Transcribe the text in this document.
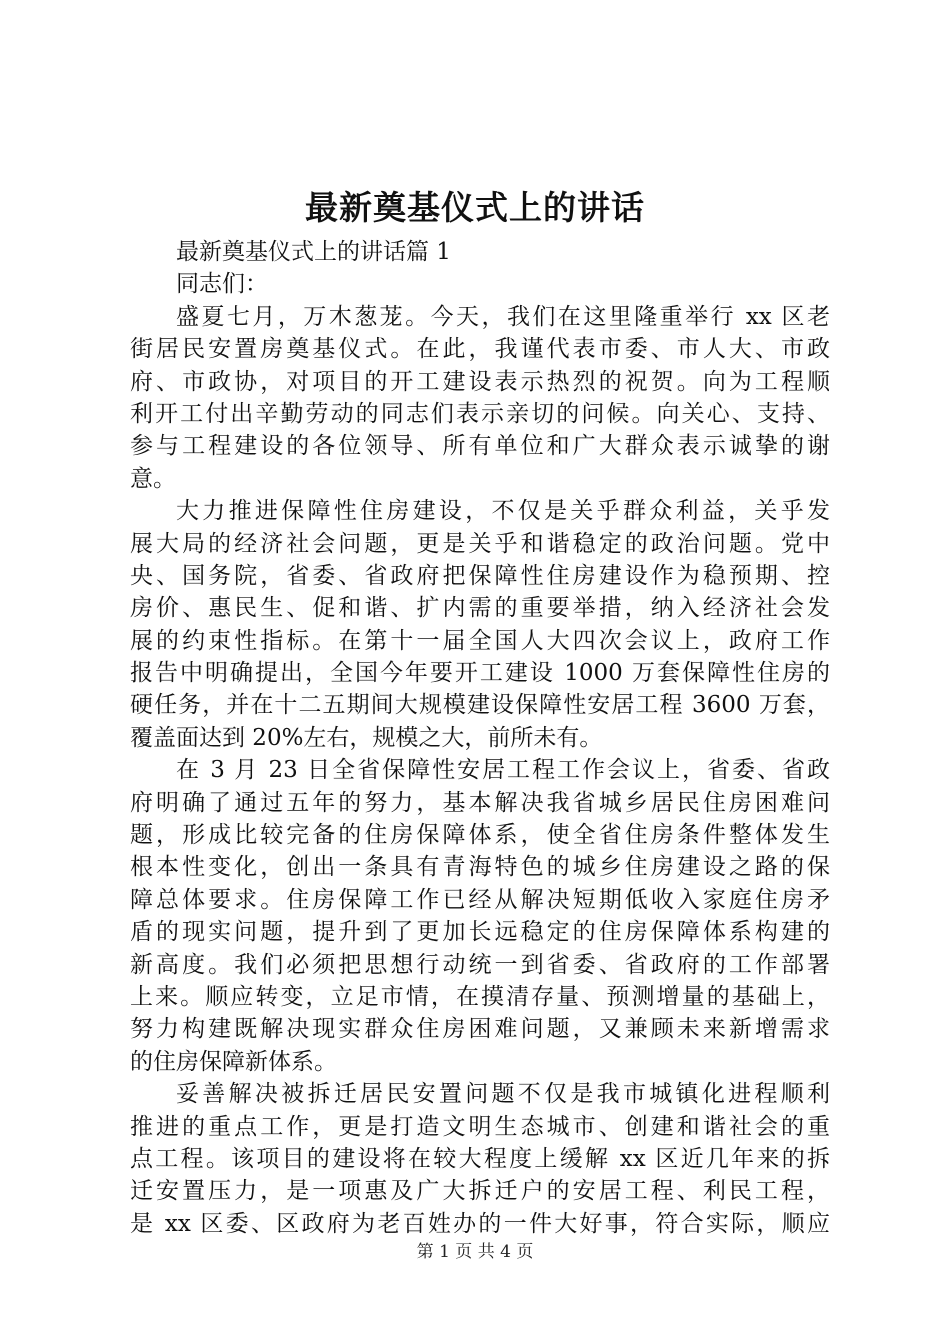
最新奠基仪式上的讲话
最新奠基仪式上的讲话篇 1
同志们：
盛夏七月，万木葱茏。今天，我们在这里隆重举行 xx 区老
街居民安置房奠基仪式。在此，我谨代表市委、市人大、市政
府、市政协，对项目的开工建设表示热烈的祝贺。向为工程顺
利开工付出辛勤劳动的同志们表示亲切的问候。向关心、支持、
参与工程建设的各位领导、所有单位和广大群众表示诚挚的谢
意。
大力推进保障性住房建设，不仅是关乎群众利益，关乎发
展大局的经济社会问题，更是关乎和谐稳定的政治问题。党中
央、国务院，省委、省政府把保障性住房建设作为稳预期、控
房价、惠民生、促和谐、扩内需的重要举措，纳入经济社会发
展的约束性指标。在第十一届全国人大四次会议上，政府工作
报告中明确提出，全国今年要开工建设 1000 万套保障性住房的
硬任务，并在十二五期间大规模建设保障性安居工程 3600 万套，
覆盖面达到 20%左右，规模之大，前所未有。
在 3 月 23 日全省保障性安居工程工作会议上，省委、省政
府明确了通过五年的努力，基本解决我省城乡居民住房困难问
题，形成比较完备的住房保障体系，使全省住房条件整体发生
根本性变化，创出一条具有青海特色的城乡住房建设之路的保
障总体要求。住房保障工作已经从解决短期低收入家庭住房矛
盾的现实问题，提升到了更加长远稳定的住房保障体系构建的
新高度。我们必须把思想行动统一到省委、省政府的工作部署
上来。顺应转变，立足市情，在摸清存量、预测增量的基础上，
努力构建既解决现实群众住房困难问题，又兼顾未来新增需求
的住房保障新体系。
妥善解决被拆迁居民安置问题不仅是我市城镇化进程顺利
推进的重点工作，更是打造文明生态城市、创建和谐社会的重
点工程。该项目的建设将在较大程度上缓解 xx 区近几年来的拆
迁安置压力，是一项惠及广大拆迁户的安居工程、利民工程，
是 xx 区委、区政府为老百姓办的一件大好事，符合实际，顺应
第 1 页 共 4 页
